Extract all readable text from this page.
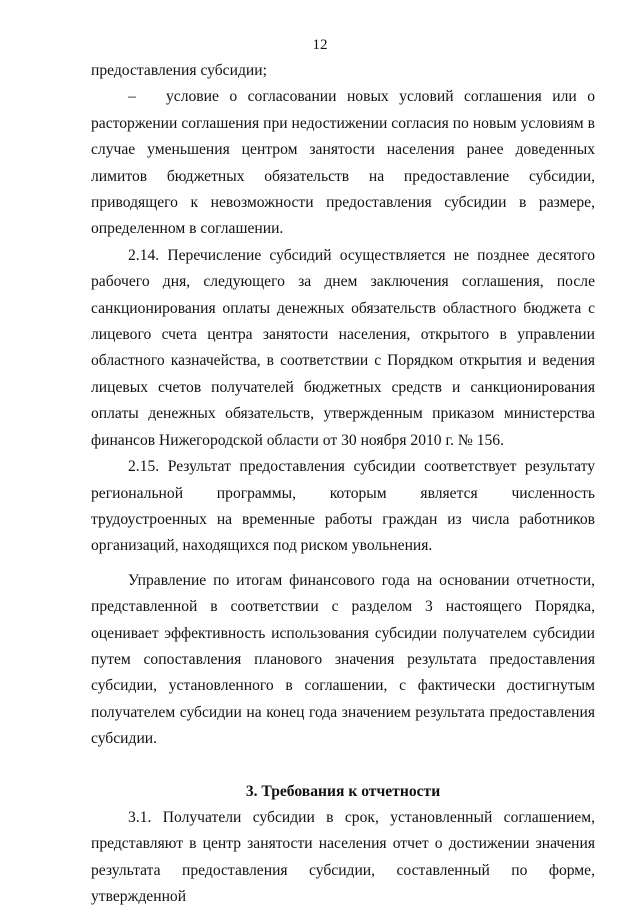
12

предоставления субсидии;

– условие о согласовании новых условий соглашения или о расторжении соглашения при недостижении согласия по новым условиям в случае уменьшения центром занятости населения ранее доведенных лимитов бюджетных обязательств на предоставление субсидии, приводящего к невозможности предоставления субсидии в размере, определенном в соглашении.

2.14. Перечисление субсидий осуществляется не позднее десятого рабочего дня, следующего за днем заключения соглашения, после санкционирования оплаты денежных обязательств областного бюджета с лицевого счета центра занятости населения, открытого в управлении областного казначейства, в соответствии с Порядком открытия и ведения лицевых счетов получателей бюджетных средств и санкционирования оплаты денежных обязательств, утвержденным приказом министерства финансов Нижегородской области от 30 ноября 2010 г. № 156.

2.15. Результат предоставления субсидии соответствует результату региональной программы, которым является численность трудоустроенных на временные работы граждан из числа работников организаций, находящихся под риском увольнения.

Управление по итогам финансового года на основании отчетности, представленной в соответствии с разделом 3 настоящего Порядка, оценивает эффективность использования субсидии получателем субсидии путем сопоставления планового значения результата предоставления субсидии, установленного в соглашении, с фактически достигнутым получателем субсидии на конец года значением результата предоставления субсидии.

3. Требования к отчетности

3.1. Получатели субсидии в срок, установленный соглашением, представляют в центр занятости населения отчет о достижении значения результата предоставления субсидии, составленный по форме, утвержденной
